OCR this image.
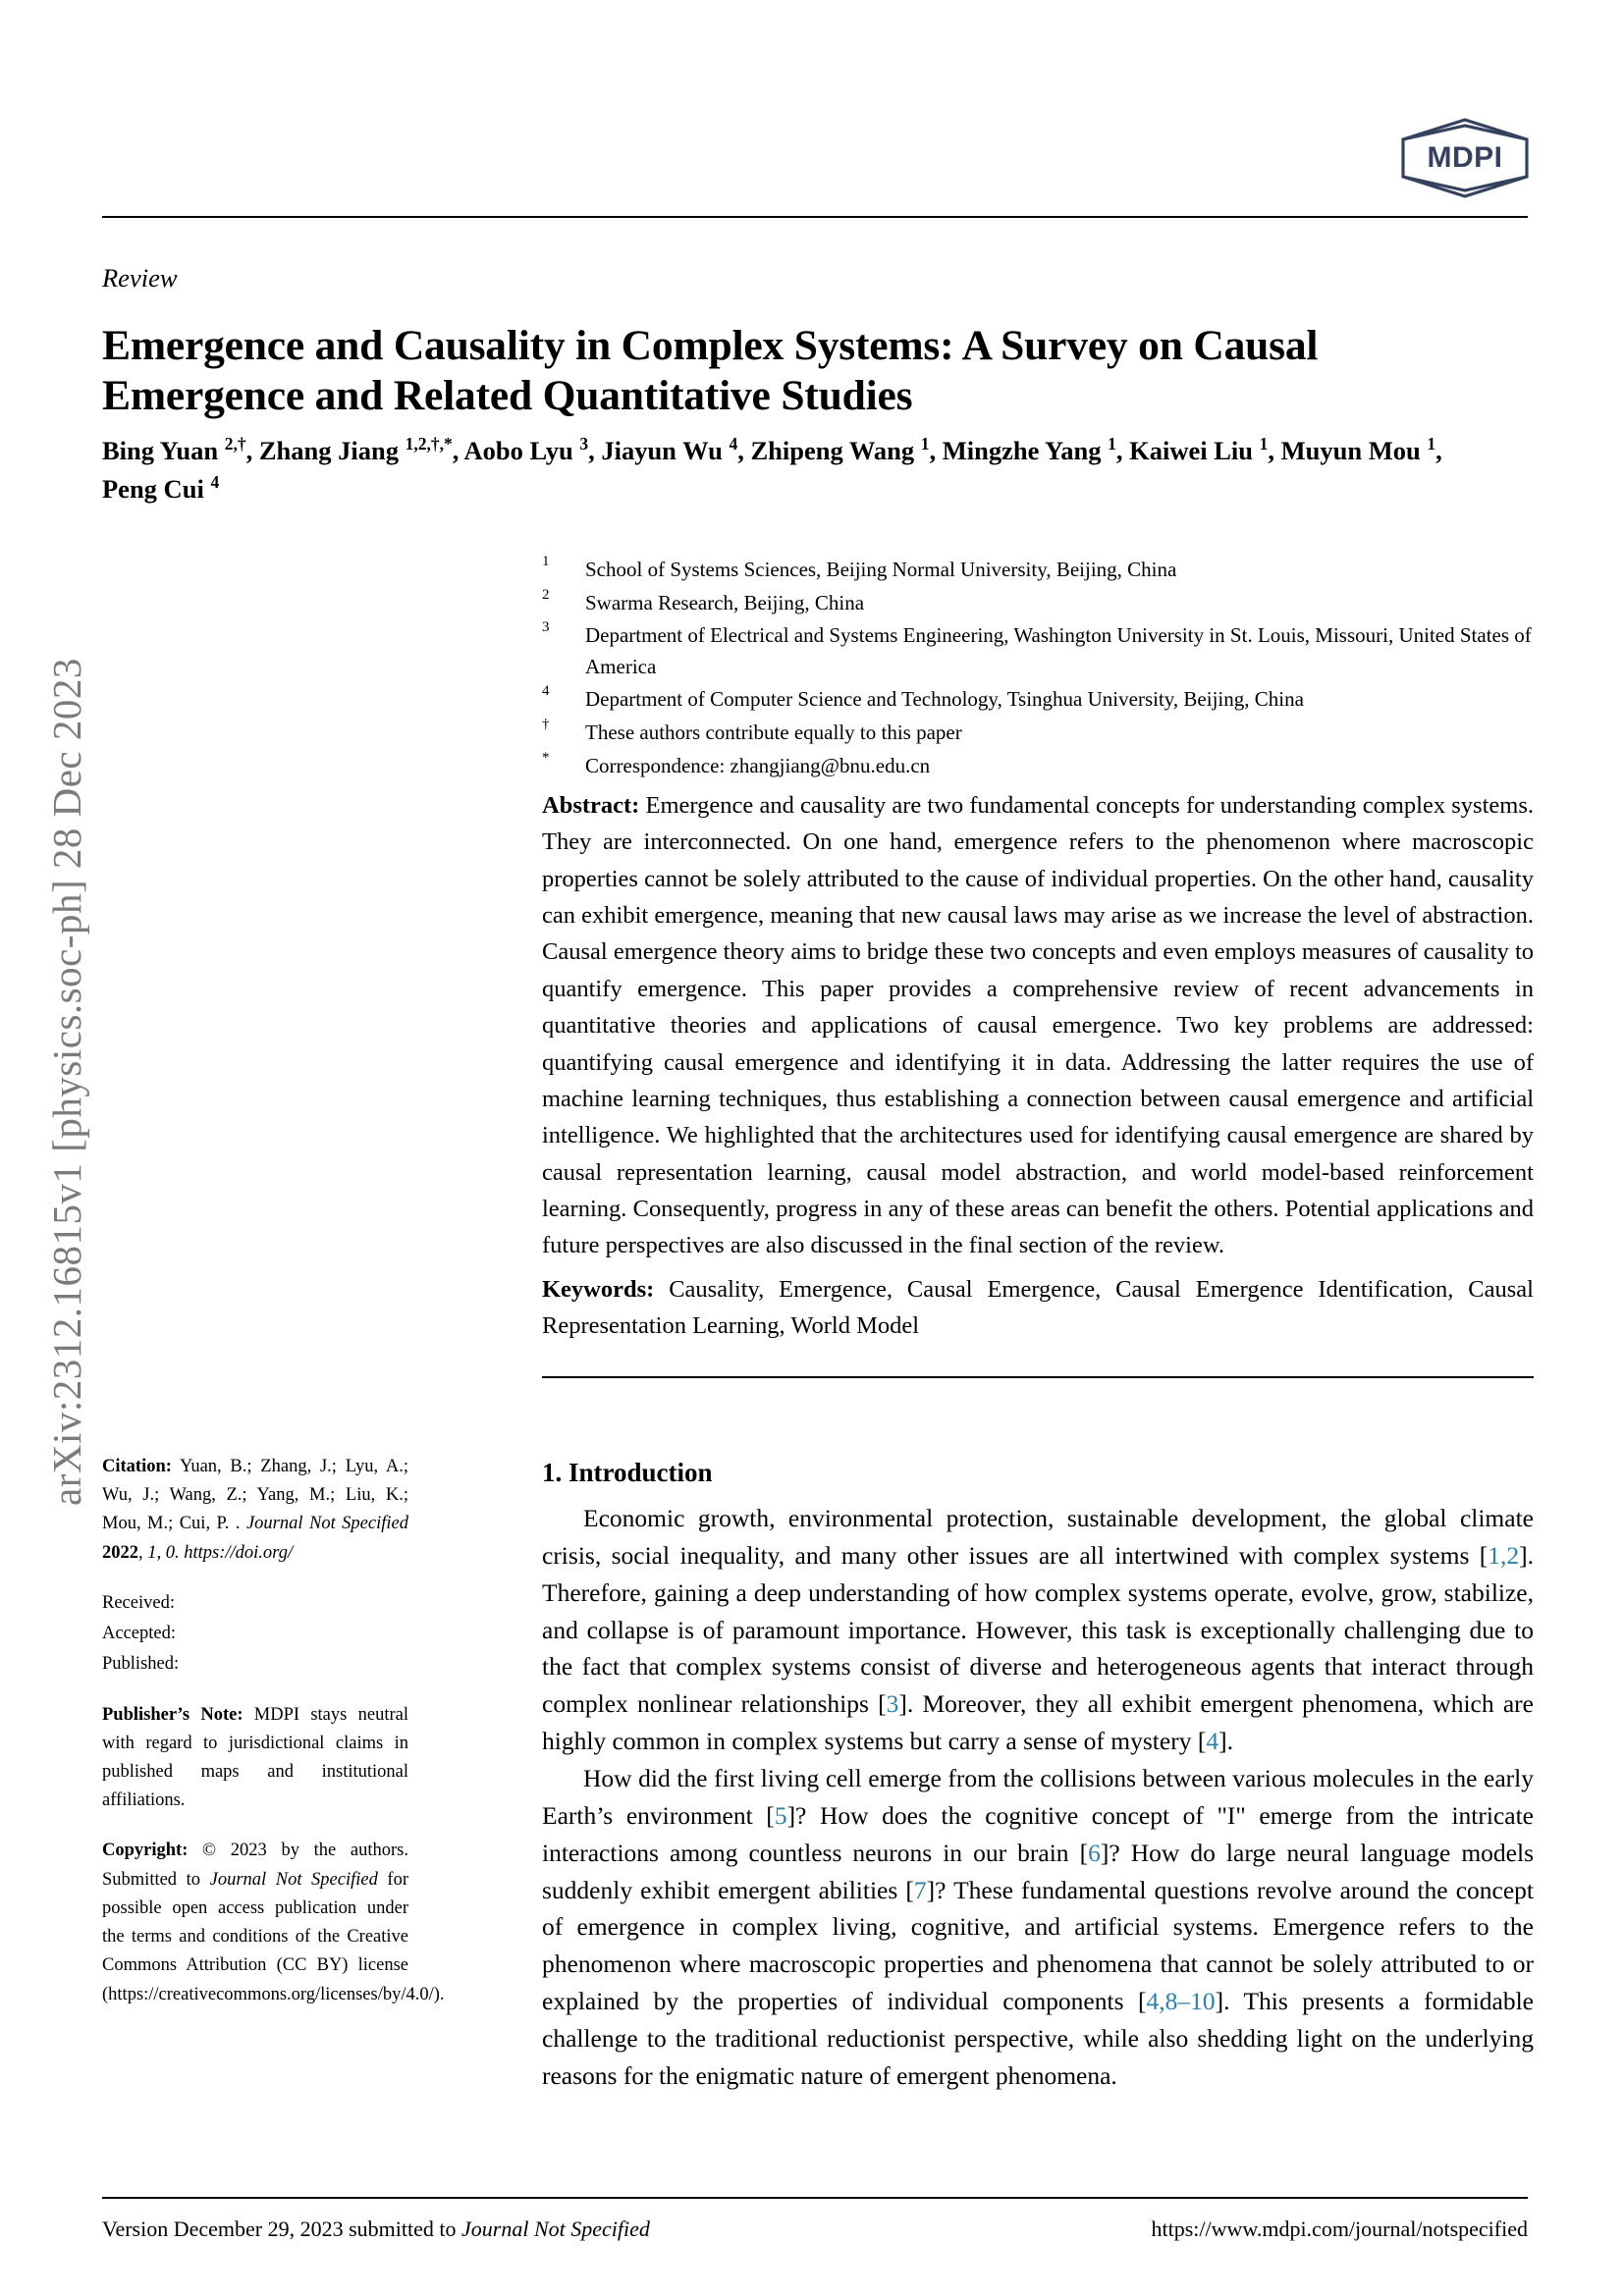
arXiv:2312.16815v1 [physics.soc-ph] 28 Dec 2023
MDPI
Review
Emergence and Causality in Complex Systems: A Survey on Causal Emergence and Related Quantitative Studies
Bing Yuan $^{2,\dagger}$, Zhang Jiang $^{1,2,\dagger,*}$, Aobo Lyu $^3$, Jiayun Wu $^4$, Zhipeng Wang $^1$, Mingzhe Yang $^1$, Kaiwei Liu $^1$, Muyun Mou $^1$, Peng Cui $^4$
1	School of Systems Sciences, Beijing Normal University, Beijing, China
2	Swarma Research, Beijing, China
3	Department of Electrical and Systems Engineering, Washington University in St. Louis, Missouri, United States of America
4	Department of Computer Science and Technology, Tsinghua University, Beijing, China
†	These authors contribute equally to this paper
*	Correspondence: zhangjiang@bnu.edu.cn
Abstract: Emergence and causality are two fundamental concepts for understanding complex systems. They are interconnected. On one hand, emergence refers to the phenomenon where macroscopic properties cannot be solely attributed to the cause of individual properties. On the other hand, causality can exhibit emergence, meaning that new causal laws may arise as we increase the level of abstraction. Causal emergence theory aims to bridge these two concepts and even employs measures of causality to quantify emergence. This paper provides a comprehensive review of recent advancements in quantitative theories and applications of causal emergence. Two key problems are addressed: quantifying causal emergence and identifying it in data. Addressing the latter requires the use of machine learning techniques, thus establishing a connection between causal emergence and artificial intelligence. We highlighted that the architectures used for identifying causal emergence are shared by causal representation learning, causal model abstraction, and world model-based reinforcement learning. Consequently, progress in any of these areas can benefit the others. Potential applications and future perspectives are also discussed in the final section of the review.
Keywords: Causality, Emergence, Causal Emergence, Causal Emergence Identification, Causal Representation Learning, World Model

Citation: Yuan, B.; Zhang, J.; Lyu, A.; Wu, J.; Wang, Z.; Yang, M.; Liu, K.; Mou, M.; Cui, P. . Journal Not Specified 2022, 1, 0. https://doi.org/

Received:
Accepted:
Published:

Publisher’s Note: MDPI stays neutral with regard to jurisdictional claims in published maps and institutional affiliations.

Copyright: © 2023 by the authors. Submitted to Journal Not Specified for possible open access publication under the terms and conditions of the Creative Commons Attribution (CC BY) license (https://creativecommons.org/licenses/by/4.0/).

1. Introduction

Economic growth, environmental protection, sustainable development, the global climate crisis, social inequality, and many other issues are all intertwined with complex systems [1,2]. Therefore, gaining a deep understanding of how complex systems operate, evolve, grow, stabilize, and collapse is of paramount importance. However, this task is exceptionally challenging due to the fact that complex systems consist of diverse and heterogeneous agents that interact through complex nonlinear relationships [3]. Moreover, they all exhibit emergent phenomena, which are highly common in complex systems but carry a sense of mystery [4].

How did the first living cell emerge from the collisions between various molecules in the early Earth’s environment [5]? How does the cognitive concept of "I" emerge from the intricate interactions among countless neurons in our brain [6]? How do large neural language models suddenly exhibit emergent abilities [7]? These fundamental questions revolve around the concept of emergence in complex living, cognitive, and artificial systems. Emergence refers to the phenomenon where macroscopic properties and phenomena that cannot be solely attributed to or explained by the properties of individual components [4,8–10]. This presents a formidable challenge to the traditional reductionist perspective, while also shedding light on the underlying reasons for the enigmatic nature of emergent phenomena.

Version December 29, 2023 submitted to Journal Not Specified	https://www.mdpi.com/journal/notspecified
